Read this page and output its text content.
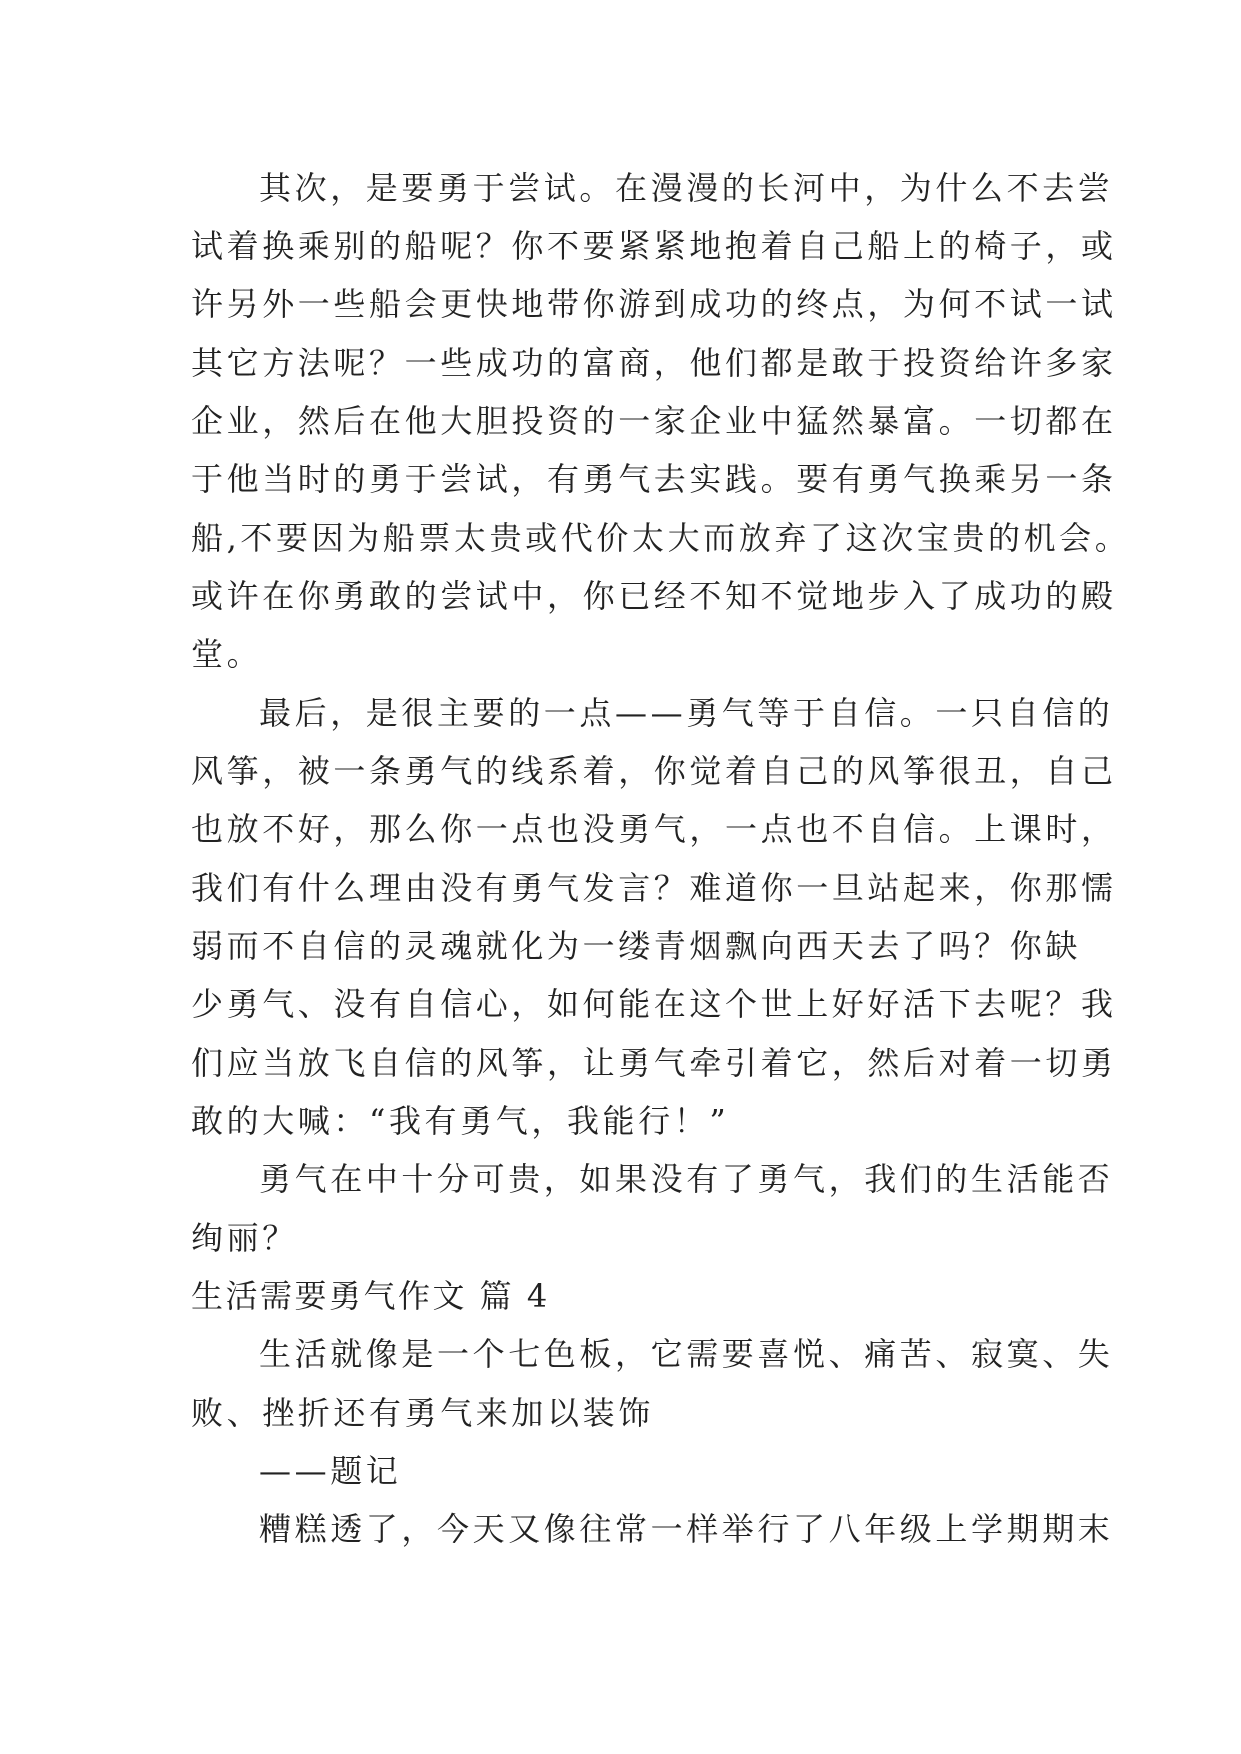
其次，是要勇于尝试。在漫漫的长河中，为什么不去尝
试着换乘别的船呢？你不要紧紧地抱着自己船上的椅子，或
许另外一些船会更快地带你游到成功的终点，为何不试一试
其它方法呢？一些成功的富商，他们都是敢于投资给许多家
企业，然后在他大胆投资的一家企业中猛然暴富。一切都在
于他当时的勇于尝试，有勇气去实践。要有勇气换乘另一条
船,不要因为船票太贵或代价太大而放弃了这次宝贵的机会。
或许在你勇敢的尝试中，你已经不知不觉地步入了成功的殿
堂。
最后，是很主要的一点——勇气等于自信。一只自信的
风筝，被一条勇气的线系着，你觉着自己的风筝很丑，自己
也放不好，那么你一点也没勇气，一点也不自信。上课时，
我们有什么理由没有勇气发言？难道你一旦站起来，你那懦
弱而不自信的灵魂就化为一缕青烟飘向西天去了吗？你缺
少勇气、没有自信心，如何能在这个世上好好活下去呢？我
们应当放飞自信的风筝，让勇气牵引着它，然后对着一切勇
敢的大喊：“我有勇气，我能行！”
勇气在中十分可贵，如果没有了勇气，我们的生活能否
绚丽？
生活需要勇气作文 篇 4
生活就像是一个七色板，它需要喜悦、痛苦、寂寞、失
败、挫折还有勇气来加以装饰
——题记
糟糕透了，今天又像往常一样举行了八年级上学期期末
